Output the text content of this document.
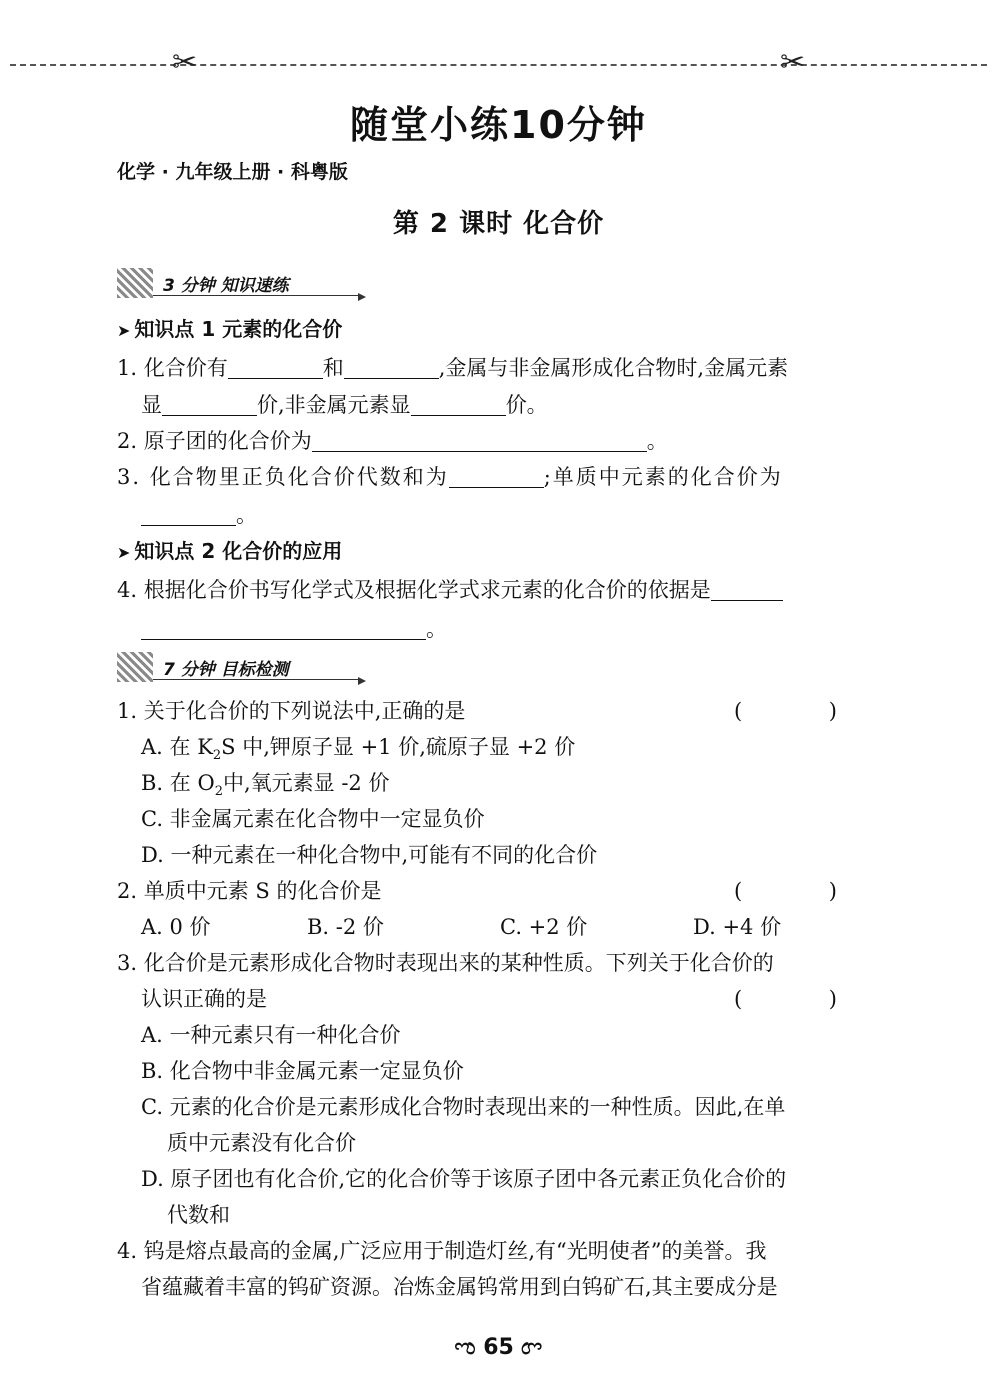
✂	✂
随堂小练10分钟
化学 · 九年级上册 · 科粤版
第 2 课时 化合价
3 分钟 知识速练
➤ 知识点 1 元素的化合价
1. 化合价有	和	,金属与非金属形成化合物时,金属元素
显	价,非金属元素显	价。
2. 原子团的化合价为	。
3. 化合物里正负化合价代数和为	;单质中元素的化合价为
。
➤ 知识点 2 化合价的应用
4. 根据化合价书写化学式及根据化学式求元素的化合价的依据是
。
7 分钟 目标检测
1. 关于化合价的下列说法中,正确的是	( )
A. 在 $K_2S$ 中,钾原子显 +1 价,硫原子显 +2 价
B. 在 $O_2$中,氧元素显 -2 价
C. 非金属元素在化合物中一定显负价
D. 一种元素在一种化合物中,可能有不同的化合价
2. 单质中元素 S 的化合价是	( )
A. 0 价	B. -2 价	C. +2 价	D. +4 价
3. 化合价是元素形成化合物时表现出来的某种性质。下列关于化合价的
认识正确的是	( )
A. 一种元素只有一种化合价
B. 化合物中非金属元素一定显负价
C. 元素的化合价是元素形成化合物时表现出来的一种性质。因此,在单
质中元素没有化合价
D. 原子团也有化合价,它的化合价等于该原子团中各元素正负化合价的
代数和
4. 钨是熔点最高的金属,广泛应用于制造灯丝,有“光明使者”的美誉。我
省蕴藏着丰富的钨矿资源。冶炼金属钨常用到白钨矿石,其主要成分是
ಌ 65 ಌ
